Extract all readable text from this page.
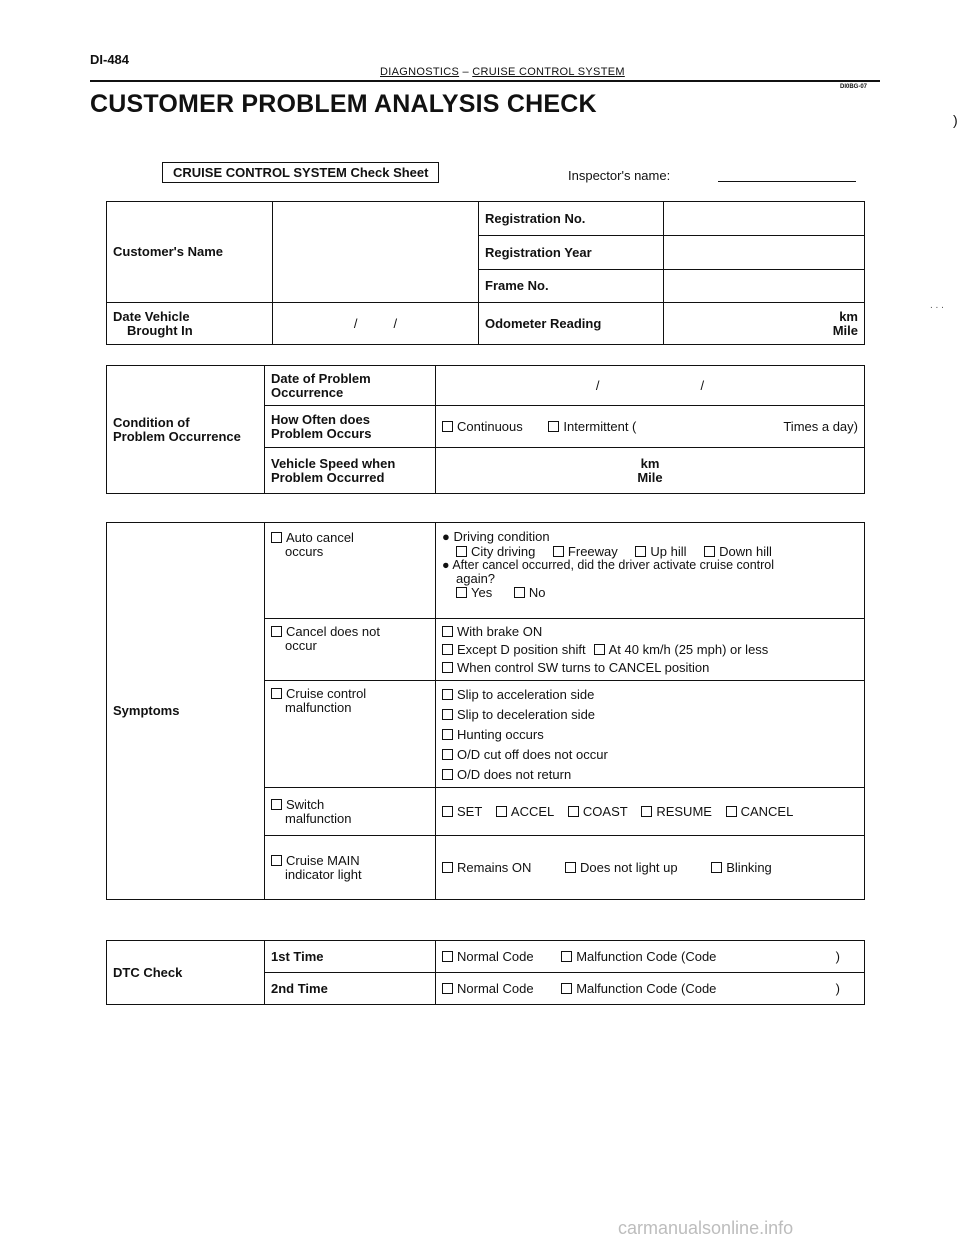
DI-484
DIAGNOSTICS – CRUISE CONTROL SYSTEM
DI0BG-07
CUSTOMER PROBLEM ANALYSIS CHECK
)
. . .
CRUISE CONTROL SYSTEM Check Sheet	Inspector's name:
Customer's Name		Registration No.	
		Registration Year	
		Frame No.	

Date Vehicle
Brought In	/          /	Odometer Reading	km
Mile
Condition of
Problem Occurrence	Date of Problem
Occurrence	/                            /

	How Often does
Problem Occurs	Continuous Intermittent ( Times a day)

	Vehicle Speed when
Problem Occurred	km
Mile
Symptoms	Auto cancel
occurs	● Driving condition
City driving Freeway Up hill Down hill
● After cancel occurred, did the driver activate cruise control
again?
Yes No

	Cancel does not
occur	With brake ON
Except D position shift At 40 km/h (25 mph) or less
When control SW turns to CANCEL position

	Cruise control
malfunction	Slip to acceleration side
Slip to deceleration side
Hunting occurs
O/D cut off does not occur
O/D does not return

	Switch
malfunction	SET ACCEL COAST RESUME CANCEL

	Cruise MAIN
indicator light	Remains ON Does not light up Blinking
DTC Check	1st Time	Normal Code Malfunction Code (Code )

	2nd Time	Normal Code Malfunction Code (Code )
carmanualsonline.info
